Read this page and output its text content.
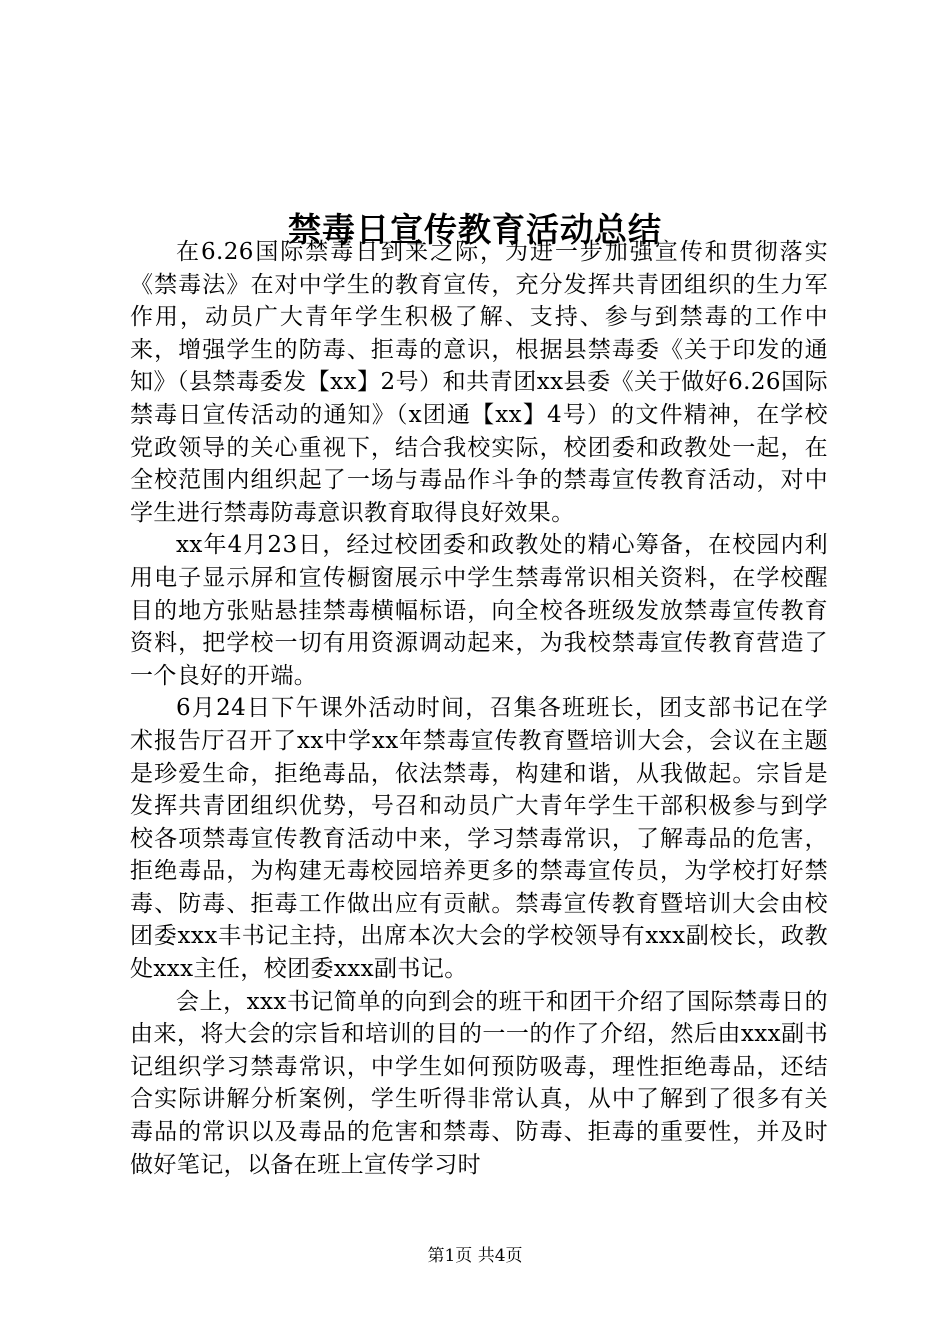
禁毒日宣传教育活动总结

在6.26国际禁毒日到来之际，为进一步加强宣传和贯彻落实《禁毒法》在对中学生的教育宣传，充分发挥共青团组织的生力军作用，动员广大青年学生积极了解、支持、参与到禁毒的工作中来，增强学生的防毒、拒毒的意识，根据县禁毒委《关于印发的通知》（县禁毒委发【xx】2号）和共青团xx县委《关于做好6.26国际禁毒日宣传活动的通知》（x团通【xx】4号）的文件精神，在学校党政领导的关心重视下，结合我校实际，校团委和政教处一起，在全校范围内组织起了一场与毒品作斗争的禁毒宣传教育活动，对中学生进行禁毒防毒意识教育取得良好效果。

xx年4月23日，经过校团委和政教处的精心筹备，在校园内利用电子显示屏和宣传橱窗展示中学生禁毒常识相关资料，在学校醒目的地方张贴悬挂禁毒横幅标语，向全校各班级发放禁毒宣传教育资料，把学校一切有用资源调动起来，为我校禁毒宣传教育营造了一个良好的开端。

6月24日下午课外活动时间，召集各班班长，团支部书记在学术报告厅召开了xx中学xx年禁毒宣传教育暨培训大会，会议在主题是珍爱生命，拒绝毒品，依法禁毒，构建和谐，从我做起。宗旨是发挥共青团组织优势，号召和动员广大青年学生干部积极参与到学校各项禁毒宣传教育活动中来，学习禁毒常识，了解毒品的危害，拒绝毒品，为构建无毒校园培养更多的禁毒宣传员，为学校打好禁毒、防毒、拒毒工作做出应有贡献。禁毒宣传教育暨培训大会由校团委xxx丰书记主持，出席本次大会的学校领导有xxx副校长，政教处xxx主任，校团委xxx副书记。

会上，xxx书记简单的向到会的班干和团干介绍了国际禁毒日的由来，将大会的宗旨和培训的目的一一的作了介绍，然后由xxx副书记组织学习禁毒常识，中学生如何预防吸毒，理性拒绝毒品，还结合实际讲解分析案例，学生听得非常认真，从中了解到了很多有关毒品的常识以及毒品的危害和禁毒、防毒、拒毒的重要性，并及时做好笔记，以备在班上宣传学习时

第1页 共4页
